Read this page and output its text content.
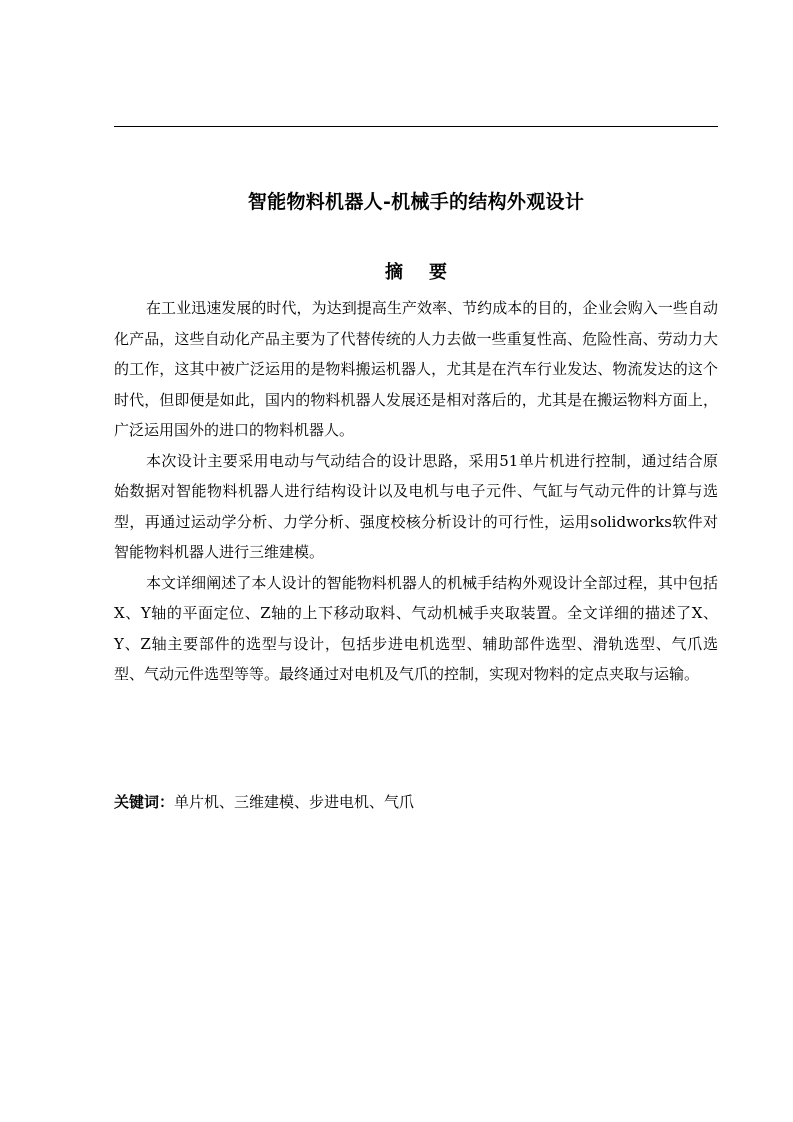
智能物料机器人-机械手的结构外观设计
摘 要

在工业迅速发展的时代，为达到提高生产效率、节约成本的目的，企业会购入一些自动化产品，这些自动化产品主要为了代替传统的人力去做一些重复性高、危险性高、劳动力大的工作，这其中被广泛运用的是物料搬运机器人，尤其是在汽车行业发达、物流发达的这个时代，但即便是如此，国内的物料机器人发展还是相对落后的，尤其是在搬运物料方面上，广泛运用国外的进口的物料机器人。

本次设计主要采用电动与气动结合的设计思路，采用51单片机进行控制，通过结合原始数据对智能物料机器人进行结构设计以及电机与电子元件、气缸与气动元件的计算与选型，再通过运动学分析、力学分析、强度校核分析设计的可行性，运用solidworks软件对智能物料机器人进行三维建模。

本文详细阐述了本人设计的智能物料机器人的机械手结构外观设计全部过程，其中包括X、Y轴的平面定位、Z轴的上下移动取料、气动机械手夹取装置。全文详细的描述了X、Y、Z轴主要部件的选型与设计，包括步进电机选型、辅助部件选型、滑轨选型、气爪选型、气动元件选型等等。最终通过对电机及气爪的控制，实现对物料的定点夹取与运输。

关键词：单片机、三维建模、步进电机、气爪
